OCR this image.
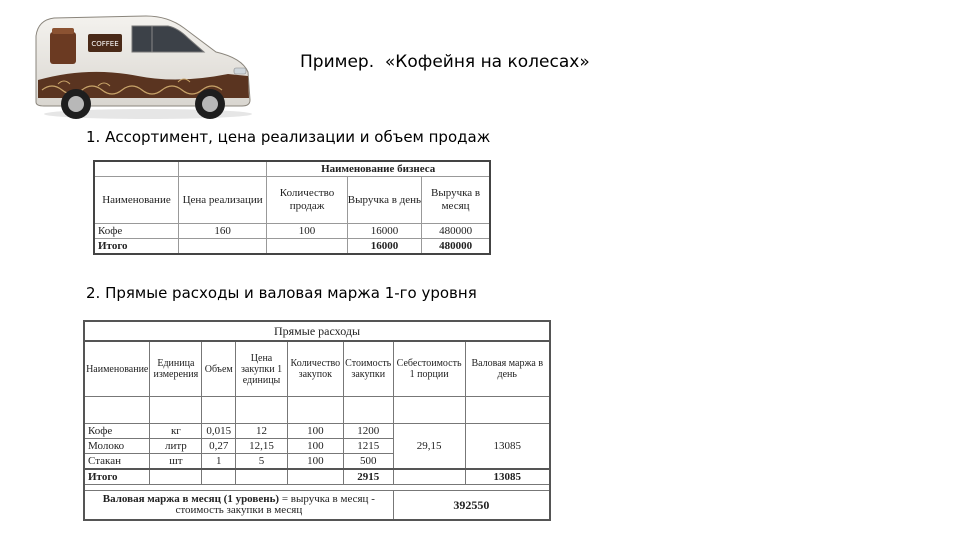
COFFEE
Пример.  «Кофейня на колесах»
1. Ассортимент, цена реализации и объем продаж
		Наименование бизнеса		
Наименование	Цена реализации	Количество продаж	Выручка в день	Выручка в месяц
Кофе	160	100	16000	480000
Итого			16000	480000
2. Прямые расходы и валовая маржа 1-го уровня
Прямые расходы							
Наименование	Единица измерения	Объем	Цена закупки 1 единицы	Количество закупок	Стоимость закупки	Себестоимость 1 порции	Валовая маржа в день

Кофе	кг	0,015	12	100	1200	29,15	13085
Молоко	литр	0,27	12,15	100	1215		
Стакан	шт	1	5	100	500		
Итого					2915		13085

Валовая маржа в месяц (1 уровень) = выручка в месяц - стоимость закупки в месяц						392550	
